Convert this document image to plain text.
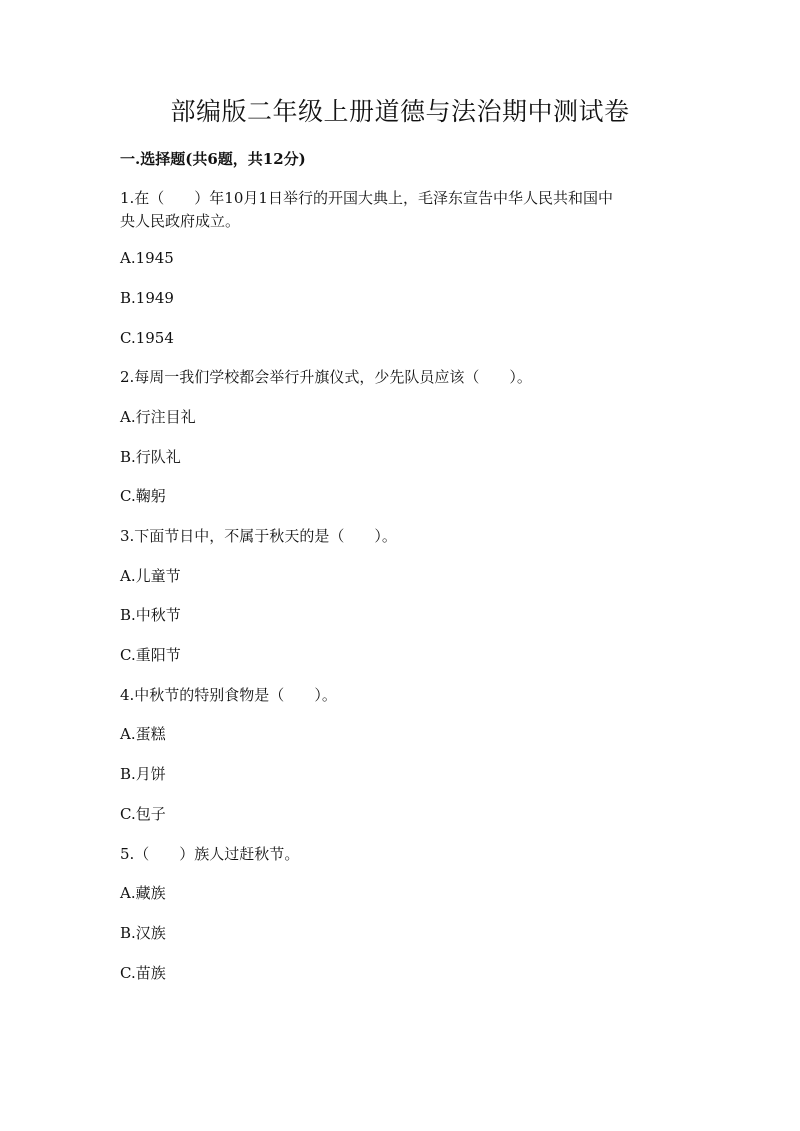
部编版二年级上册道德与法治期中测试卷
一.选择题(共6题，共12分)
1.在（　　）年10月1日举行的开国大典上，毛泽东宣告中华人民共和国中
央人民政府成立。
A.1945
B.1949
C.1954
2.每周一我们学校都会举行升旗仪式，少先队员应该（　　）。
A.行注目礼
B.行队礼
C.鞠躬
3.下面节日中，不属于秋天的是（　　）。
A.儿童节
B.中秋节
C.重阳节
4.中秋节的特别食物是（　　）。
A.蛋糕
B.月饼
C.包子
5.（　　）族人过赶秋节。
A.藏族
B.汉族
C.苗族
